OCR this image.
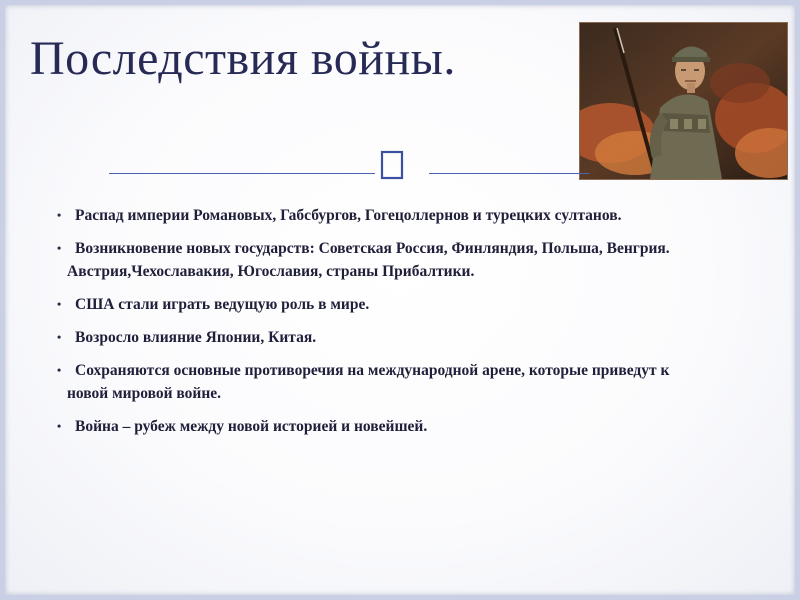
Последствия войны.
• Распад империи Романовых, Габсбургов, Гогецоллернов и турецких султанов.
• Возникновение новых государств: Советская Россия, Финляндия, Польша, Венгрия. Австрия,Чехославакия, Югославия, страны Прибалтики.
• США стали играть ведущую роль в мире.
• Возросло влияние Японии, Китая.
• Сохраняются основные противоречия на международной арене, которые приведут к новой мировой войне.
• Война – рубеж между новой историей и новейшей.
